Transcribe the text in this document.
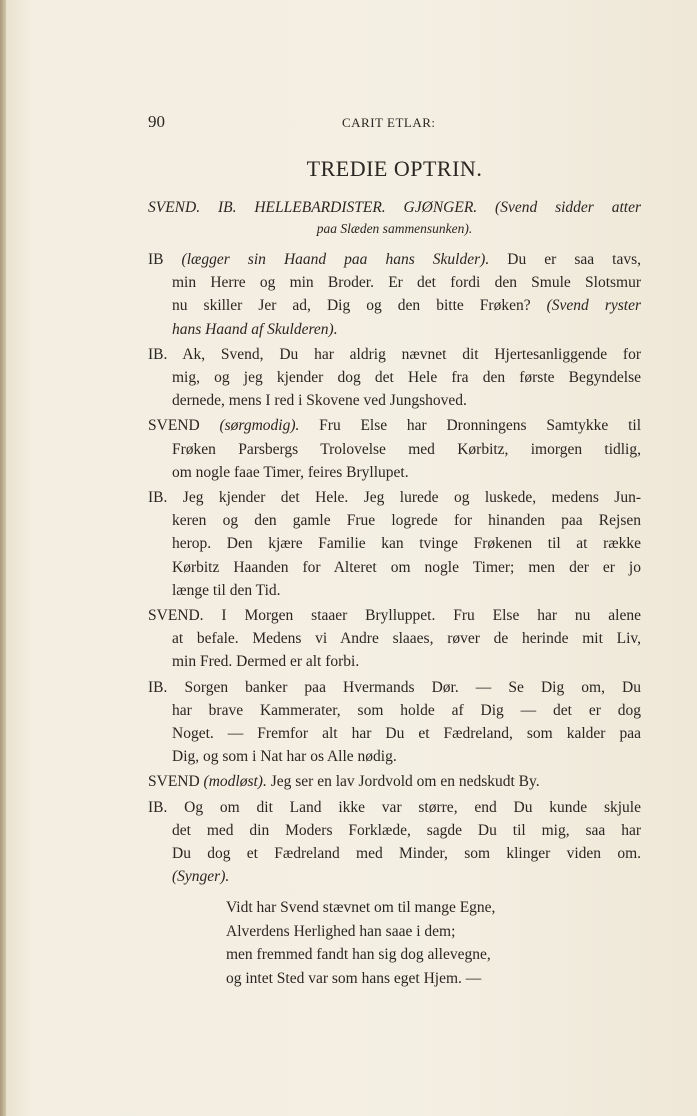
90	CARIT ETLAR:
TREDIE OPTRIN.
SVEND. IB. HELLEBARDISTER. GJØNGER. (Svend sidder atter
paa Slæden sammensunken).
IB (lægger sin Haand paa hans Skulder). Du er saa tavs,
min Herre og min Broder. Er det fordi den Smule Slotsmur
nu skiller Jer ad, Dig og den bitte Frøken? (Svend ryster
hans Haand af Skulderen).
IB. Ak, Svend, Du har aldrig nævnet dit Hjertesanliggende for
mig, og jeg kjender dog det Hele fra den første Begyndelse
dernede, mens I red i Skovene ved Jungshoved.
SVEND (sørgmodig). Fru Else har Dronningens Samtykke til
Frøken Parsbergs Trolovelse med Kørbitz, imorgen tidlig,
om nogle faae Timer, feires Bryllupet.
IB. Jeg kjender det Hele. Jeg lurede og luskede, medens Jun-
keren og den gamle Frue logrede for hinanden paa Rejsen
herop. Den kjære Familie kan tvinge Frøkenen til at række
Kørbitz Haanden for Alteret om nogle Timer; men der er jo
længe til den Tid.
SVEND. I Morgen staaer Brylluppet. Fru Else har nu alene
at befale. Medens vi Andre slaaes, røver de herinde mit Liv,
min Fred. Dermed er alt forbi.
IB. Sorgen banker paa Hvermands Dør. — Se Dig om, Du
har brave Kammerater, som holde af Dig — det er dog
Noget. — Fremfor alt har Du et Fædreland, som kalder paa
Dig, og som i Nat har os Alle nødig.
SVEND (modløst). Jeg ser en lav Jordvold om en nedskudt By.
IB. Og om dit Land ikke var større, end Du kunde skjule
det med din Moders Forklæde, sagde Du til mig, saa har
Du dog et Fædreland med Minder, som klinger viden om.
(Synger).
Vidt har Svend stævnet om til mange Egne,
Alverdens Herlighed han saae i dem;
men fremmed fandt han sig dog allevegne,
og intet Sted var som hans eget Hjem. —
